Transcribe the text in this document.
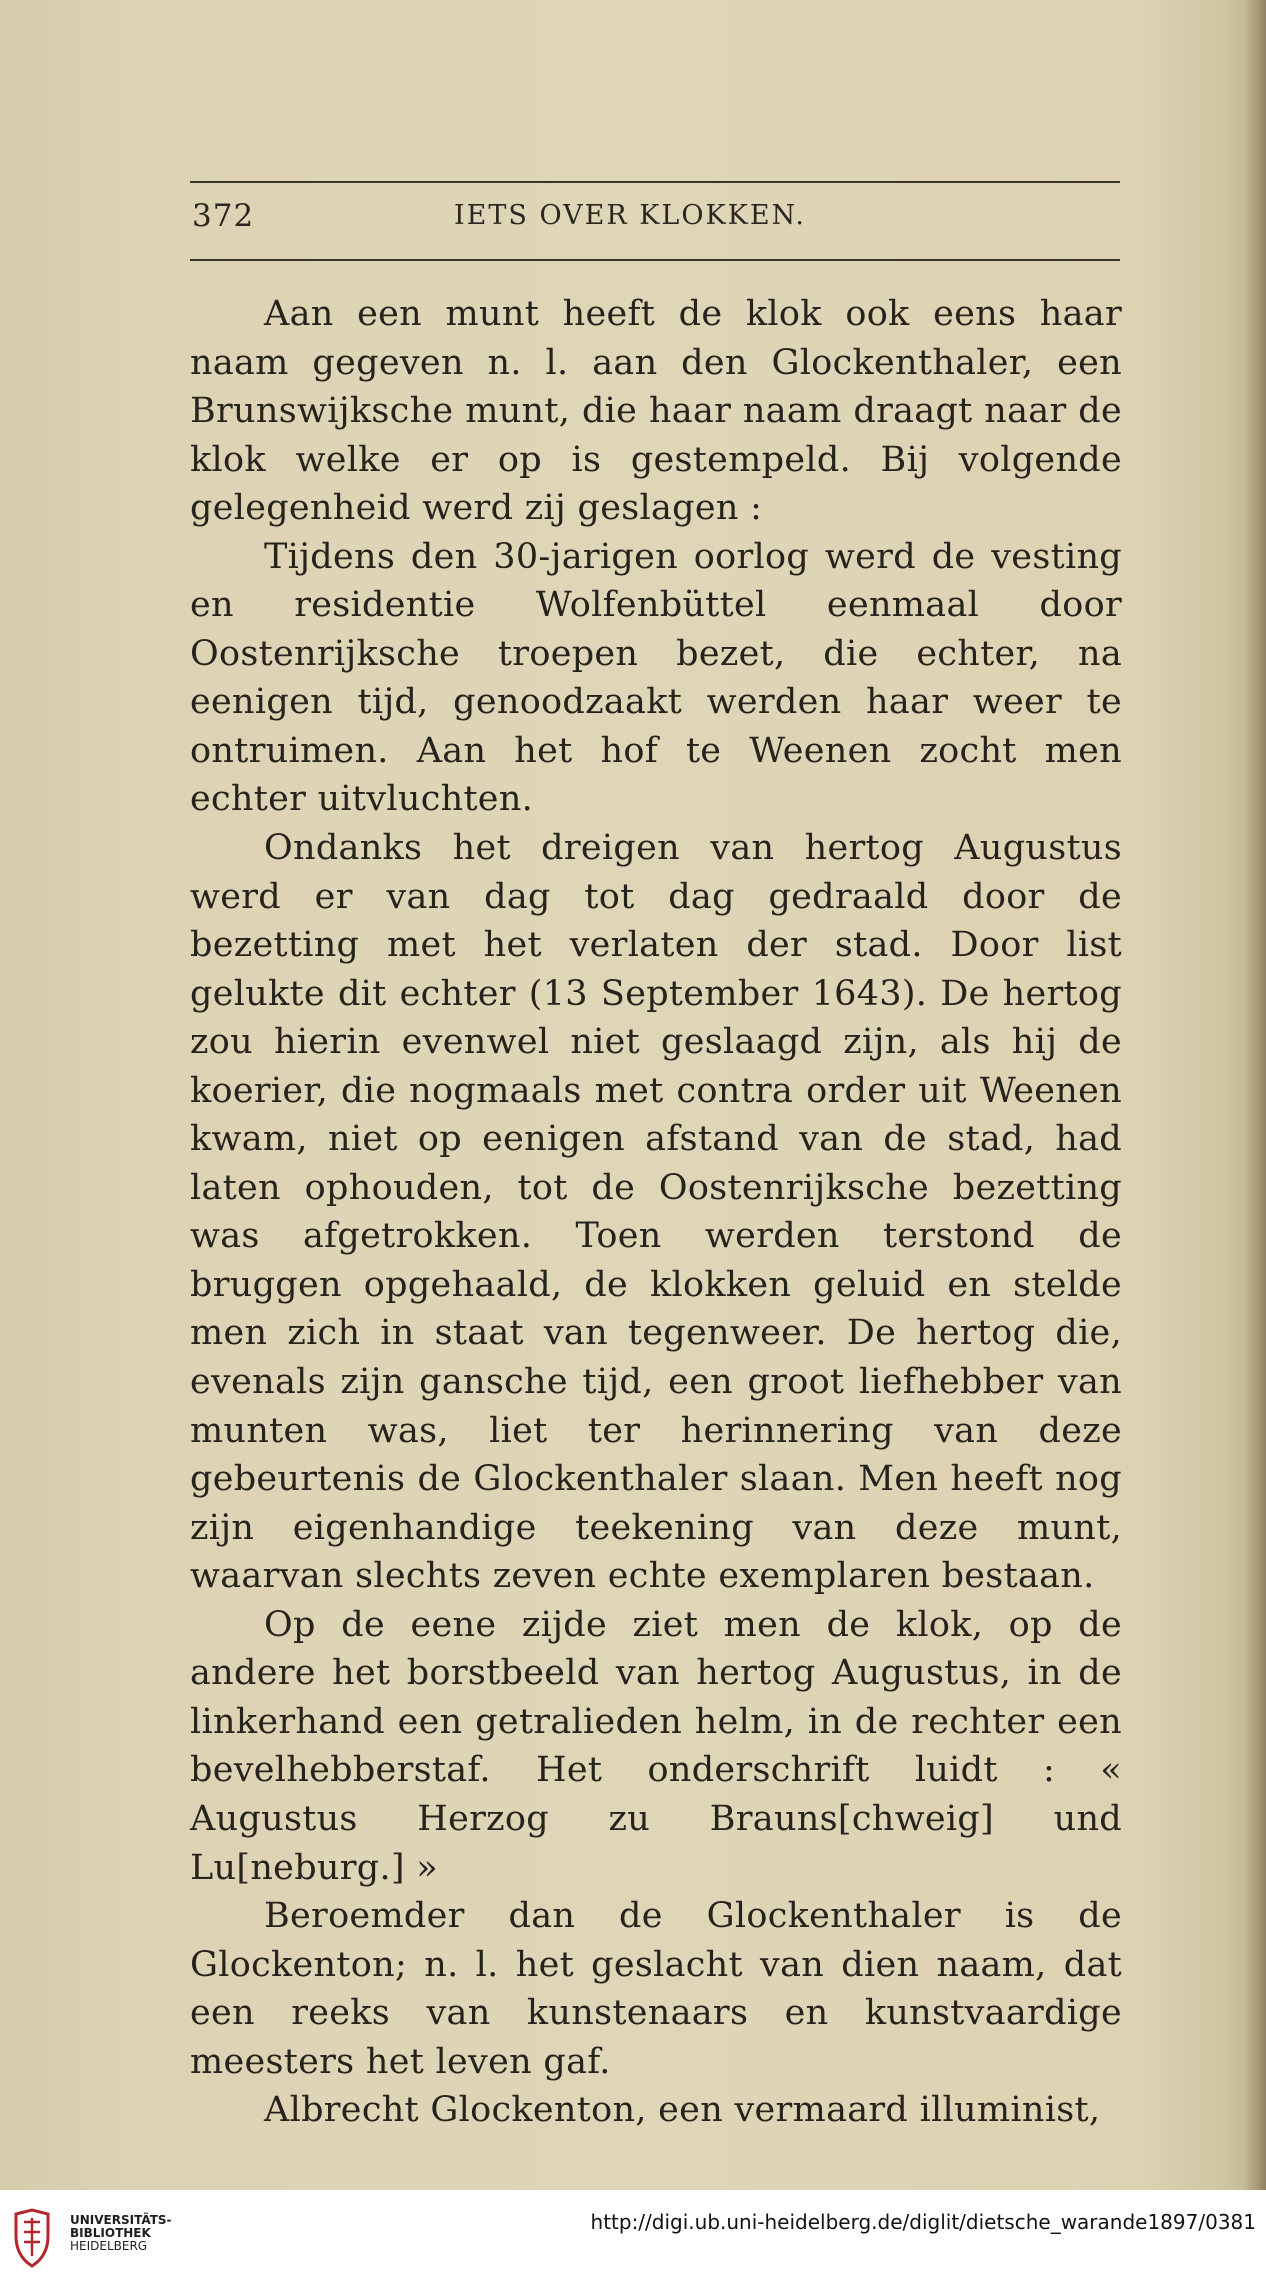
372	IETS OVER KLOKKEN.

Aan een munt heeft de klok ook eens haar naam gegeven n. l. aan den Glockenthaler, een Brunswijksche munt, die haar naam draagt naar de klok welke er op is gestempeld. Bij volgende gelegenheid werd zij geslagen :

Tijdens den 30-jarigen oorlog werd de vesting en residentie Wolfenbüttel eenmaal door Oostenrijksche troepen bezet, die echter, na eenigen tijd, genoodzaakt werden haar weer te ontruimen. Aan het hof te Weenen zocht men echter uitvluchten.

Ondanks het dreigen van hertog Augustus werd er van dag tot dag gedraald door de bezetting met het verlaten der stad. Door list gelukte dit echter (13 September 1643). De hertog zou hierin evenwel niet geslaagd zijn, als hij de koerier, die nogmaals met contra order uit Weenen kwam, niet op eenigen afstand van de stad, had laten ophouden, tot de Oostenrijksche bezetting was afgetrokken. Toen werden terstond de bruggen opgehaald, de klokken geluid en stelde men zich in staat van tegenweer. De hertog die, evenals zijn gansche tijd, een groot liefhebber van munten was, liet ter herinnering van deze gebeurtenis de Glockenthaler slaan. Men heeft nog zijn eigenhandige teekening van deze munt, waarvan slechts zeven echte exemplaren bestaan.

Op de eene zijde ziet men de klok, op de andere het borstbeeld van hertog Augustus, in de linkerhand een getralieden helm, in de rechter een bevelhebberstaf. Het onderschrift luidt : « Augustus Herzog zu Brauns[chweig] und Lu[neburg.] »

Beroemder dan de Glockenthaler is de Glockenton; n. l. het geslacht van dien naam, dat een reeks van kunstenaars en kunstvaardige meesters het leven gaf.

Albrecht Glockenton, een vermaard illuminist,

UNIVERSITÄTS-
BIBLIOTHEK
HEIDELBERG
http://digi.ub.uni-heidelberg.de/diglit/dietsche_warande1897/0381
